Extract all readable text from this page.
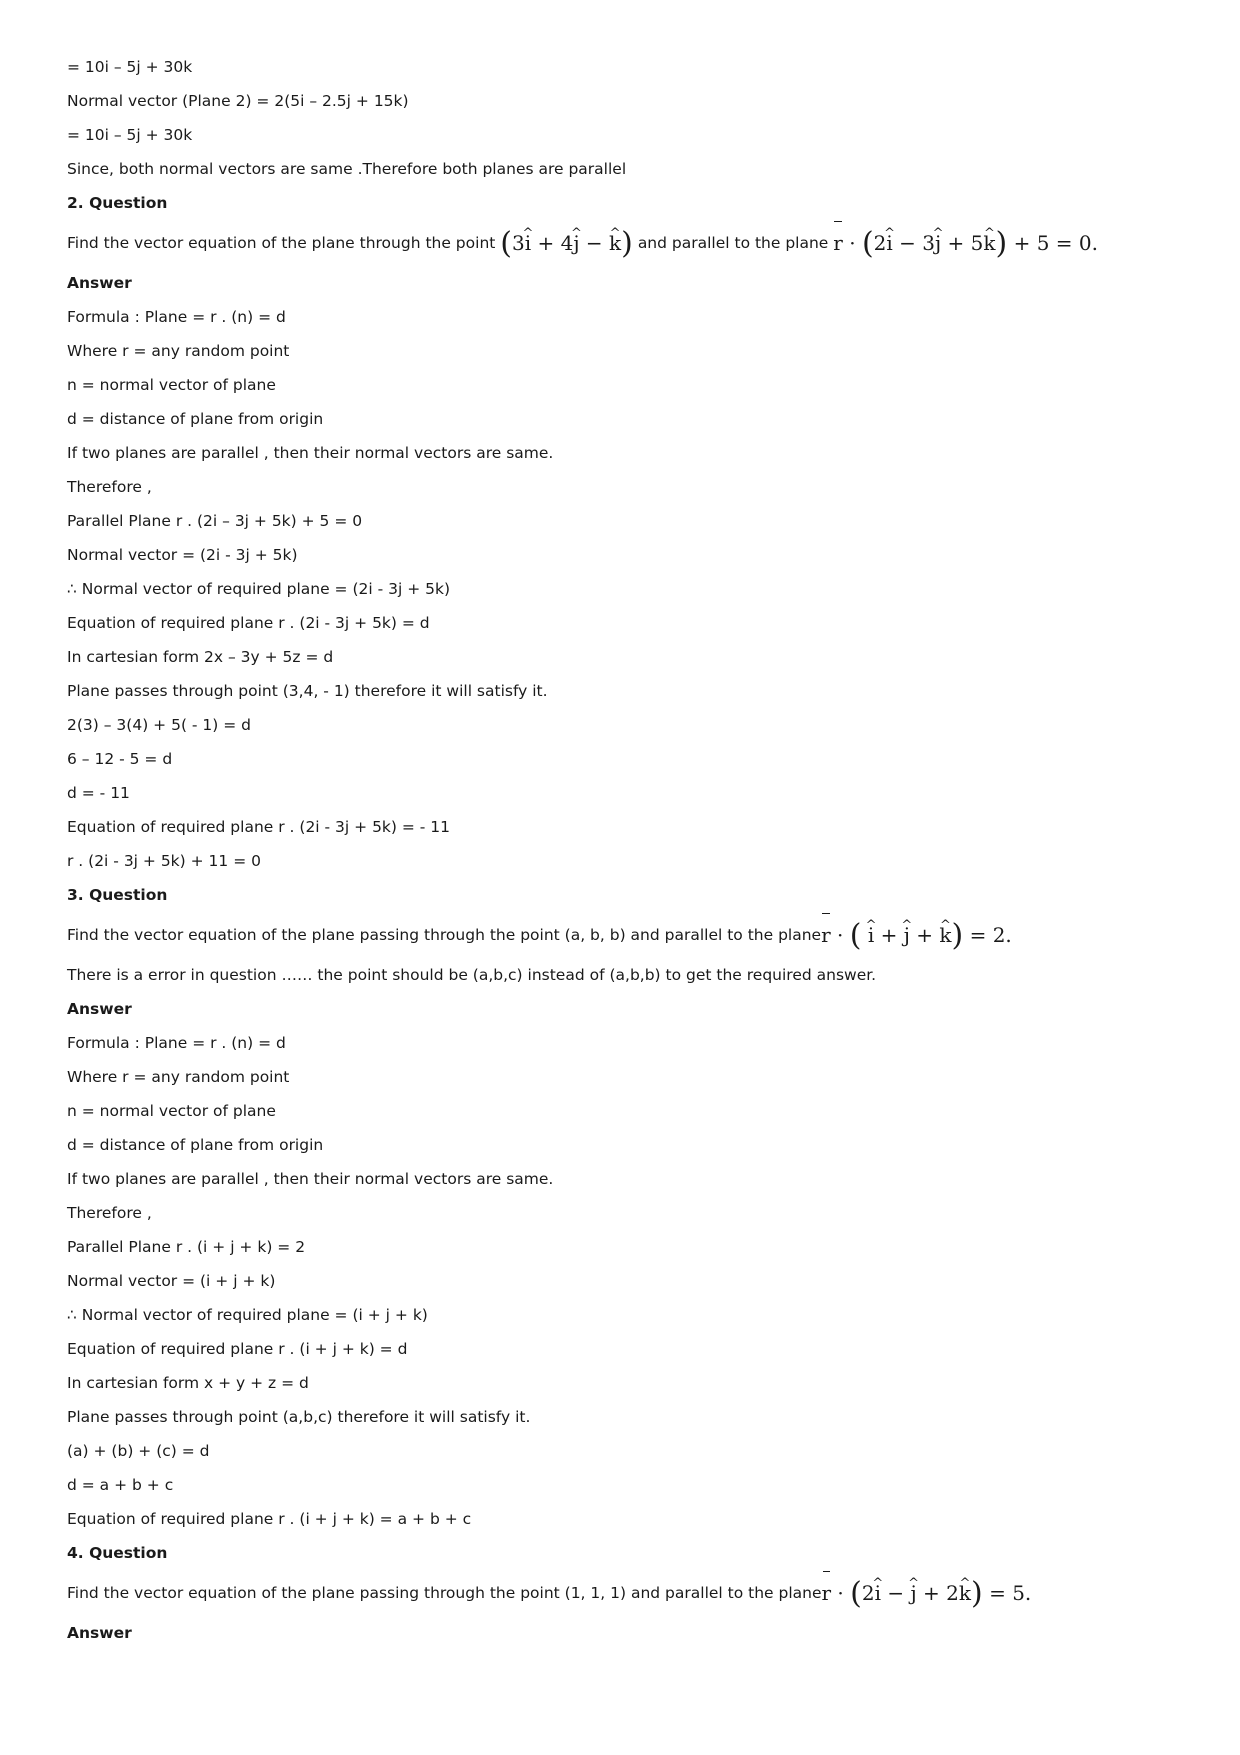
= 10i – 5j + 30k
Normal vector (Plane 2) = 2(5i – 2.5j + 15k)
= 10i – 5j + 30k
Since, both normal vectors are same .Therefore both planes are parallel
2. Question
Find the vector equation of the plane through the point (3i ^ + 4j ^ − k ^) and parallel to the plane r · (2i ^ − 3j ^ + 5k ^) + 5 = 0.
Answer
Formula : Plane = r . (n) = d
Where r = any random point
n = normal vector of plane
d = distance of plane from origin
If two planes are parallel , then their normal vectors are same.
Therefore ,
Parallel Plane r . (2i – 3j + 5k) + 5 = 0
Normal vector = (2i - 3j + 5k)
∴ Normal vector of required plane = (2i - 3j + 5k)
Equation of required plane r . (2i - 3j + 5k) = d
In cartesian form 2x – 3y + 5z = d
Plane passes through point (3,4, - 1) therefore it will satisfy it.
2(3) – 3(4) + 5( - 1) = d
6 – 12 - 5 = d
d = - 11
Equation of required plane r . (2i - 3j + 5k) = - 11
r . (2i - 3j + 5k) + 11 = 0
3. Question
Find the vector equation of the plane passing through the point (a, b, b) and parallel to the planer · ( i ^ + j ^ + k ^) = 2.
There is a error in question …… the point should be (a,b,c) instead of (a,b,b) to get the required answer.
Answer
Formula : Plane = r . (n) = d
Where r = any random point
n = normal vector of plane
d = distance of plane from origin
If two planes are parallel , then their normal vectors are same.
Therefore ,
Parallel Plane r . (i + j + k) = 2
Normal vector = (i + j + k)
∴ Normal vector of required plane = (i + j + k)
Equation of required plane r . (i + j + k) = d
In cartesian form x + y + z = d
Plane passes through point (a,b,c) therefore it will satisfy it.
(a) + (b) + (c) = d
d = a + b + c
Equation of required plane r . (i + j + k) = a + b + c
4. Question
Find the vector equation of the plane passing through the point (1, 1, 1) and parallel to the planer · (2i ^ − j ^ + 2k ^) = 5.
Answer
